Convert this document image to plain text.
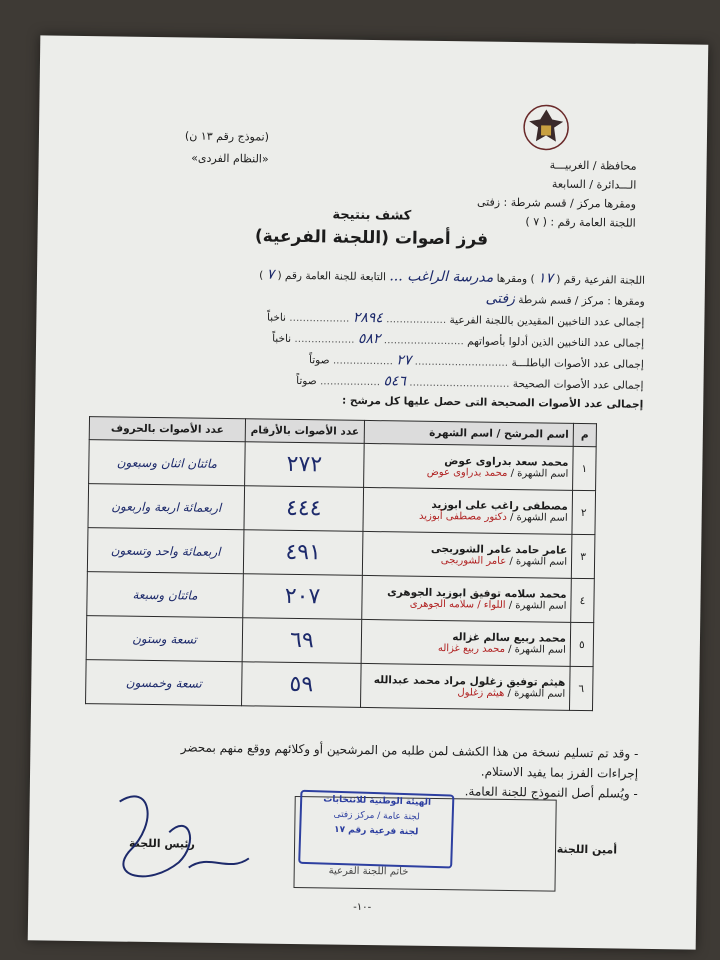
(نموذج رقم ١٣ ن)
«النظام الفردى»	محافظة / الغربيـــة
الـــدائرة / السابعة
ومقرها مركز / قسم شرطة : زفتى
اللجنة العامة رقم : ( ٧ )
كشف بنتيجة
فرز أصوات (اللجنة الفرعية)
اللجنة الفرعية رقم ( ١٧ ) ومقرها مدرسة الراغب ... التابعة للجنة العامة رقم ( ٧ )
ومقرها : مركز / قسم شرطة زفتى
إجمالى عدد الناخبين المقيدين باللجنة الفرعية .................. ٢٨٩٤ .................. ناخباً
إجمالى عدد الناخبين الذين أدلوا بأصواتهم ........................ ٥٨٢ .................. ناخباً
إجمالى عدد الأصوات الباطلـــة ............................ ٢٧ .................. صوتاً
إجمالى عدد الأصوات الصحيحة .............................. ٥٤٦ .................. صوتاً
إجمالى عدد الأصوات الصحيحة التى حصل عليها كل مرشح :
م	اسم المرشح / اسم الشهرة	عدد الأصوات بالأرقام	عدد الأصوات بالحروف
١	محمد سعد بدراوى عوض
اسم الشهرة / محمد بدراوى عوض	٢٧٢	مائتان اثنان وسبعون
٢	مصطفى راغب على ابوزيد
اسم الشهرة / دكتور مصطفى أبوزيد	٤٤٤	اربعمائة اربعة واربعون
٣	عامر حامد عامر الشوربجى
اسم الشهرة / عامر الشوربجى	٤٩١	اربعمائة واحد وتسعون
٤	محمد سلامه توفيق ابوزيد الجوهرى
اسم الشهرة / اللواء / سلامه الجوهرى	٢٠٧	مائتان وسبعة
٥	محمد ربيع سالم غزاله
اسم الشهرة / محمد ربيع غزاله	٦٩	تسعة وستون
٦	هيثم توفيق زغلول مراد محمد عبدالله
اسم الشهرة / هيثم زغلول	٥٩	تسعة وخمسون
- وقد تم تسليم نسخة من هذا الكشف لمن طلبه من المرشحين أو وكلائهم ووقع منهم بمحضر
إجراءات الفرز بما يفيد الاستلام.
- ويُسلم أصل النموذج للجنة العامة.
الهيئة الوطنية للانتخابات
لجنة عامة / مركز زفتى
لجنة فرعية رقم ١٧
خاتم اللجنة الفرعية
رئيس اللجنة	أمين اللجنة
-١٠-
